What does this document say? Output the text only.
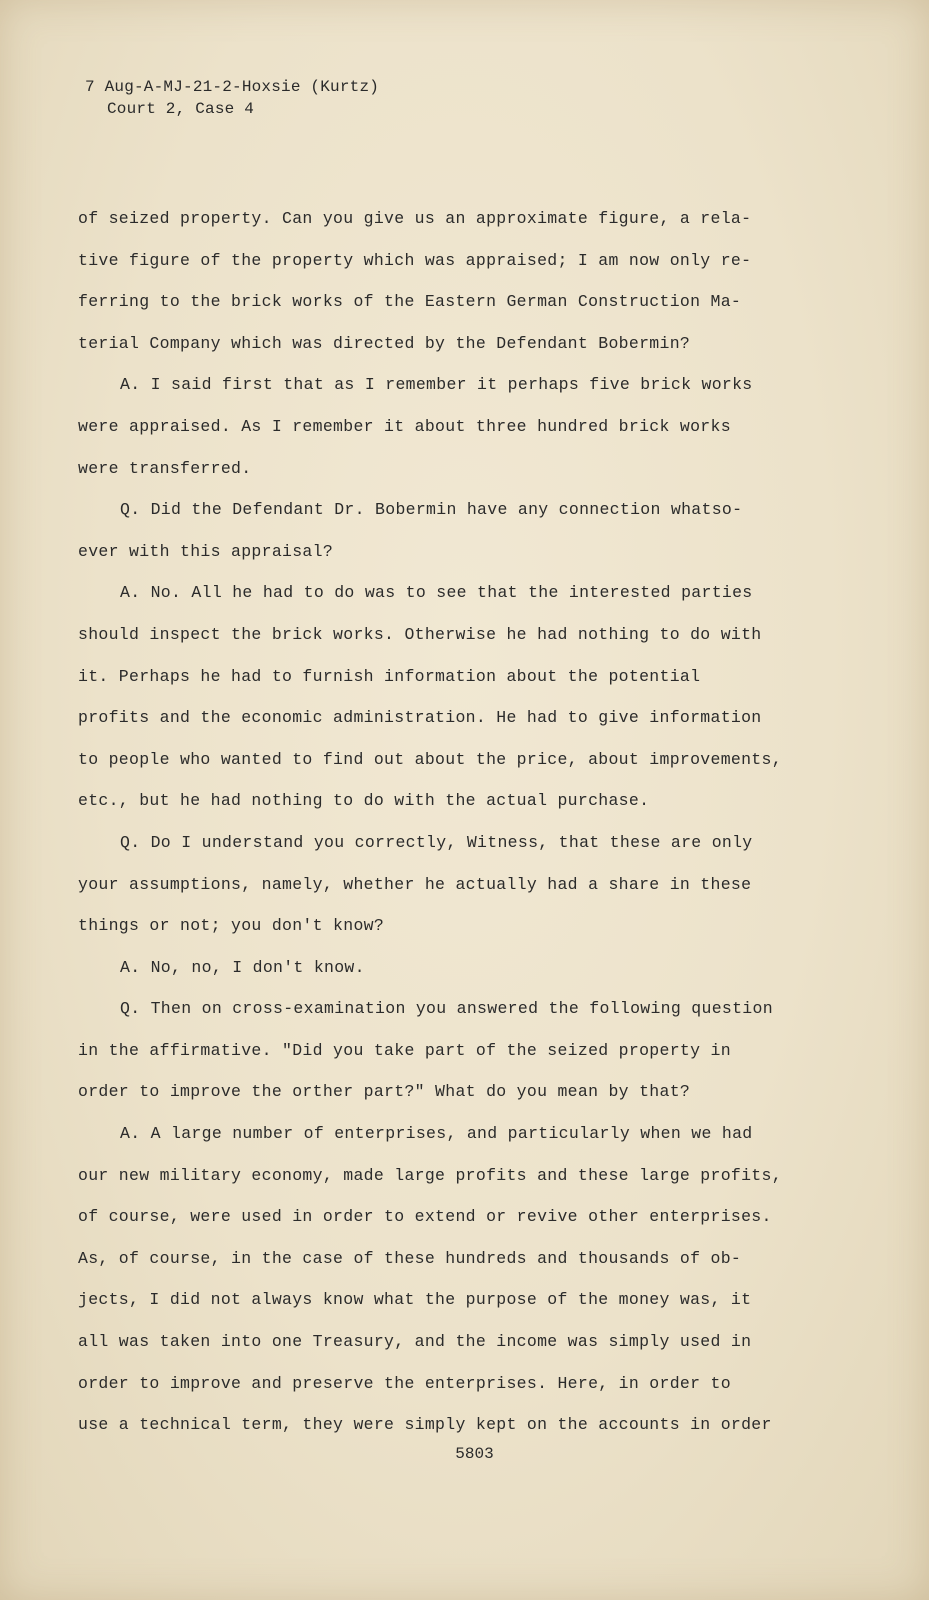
7 Aug-A-MJ-21-2-Hoxsie (Kurtz)
Court 2, Case 4
of seized property. Can you give us an approximate figure, a rela-
tive figure of the property which was appraised; I am now only re-
ferring to the brick works of the Eastern German Construction Ma-
terial Company which was directed by the Defendant Bobermin?
A. I said first that as I remember it perhaps five brick works
were appraised. As I remember it about three hundred brick works
were transferred.
Q. Did the Defendant Dr. Bobermin have any connection whatso-
ever with this appraisal?
A. No. All he had to do was to see that the interested parties
should inspect the brick works. Otherwise he had nothing to do with
it. Perhaps he had to furnish information about the potential
profits and the economic administration. He had to give information
to people who wanted to find out about the price, about improvements,
etc., but he had nothing to do with the actual purchase.
Q. Do I understand you correctly, Witness, that these are only
your assumptions, namely, whether he actually had a share in these
things or not; you don't know?
A. No, no, I don't know.
Q. Then on cross-examination you answered the following question
in the affirmative. "Did you take part of the seized property in
order to improve the orther part?" What do you mean by that?
A. A large number of enterprises, and particularly when we had
our new military economy, made large profits and these large profits,
of course, were used in order to extend or revive other enterprises.
As, of course, in the case of these hundreds and thousands of ob-
jects, I did not always know what the purpose of the money was, it
all was taken into one Treasury, and the income was simply used in
order to improve and preserve the enterprises. Here, in order to
use a technical term, they were simply kept on the accounts in order
5803
